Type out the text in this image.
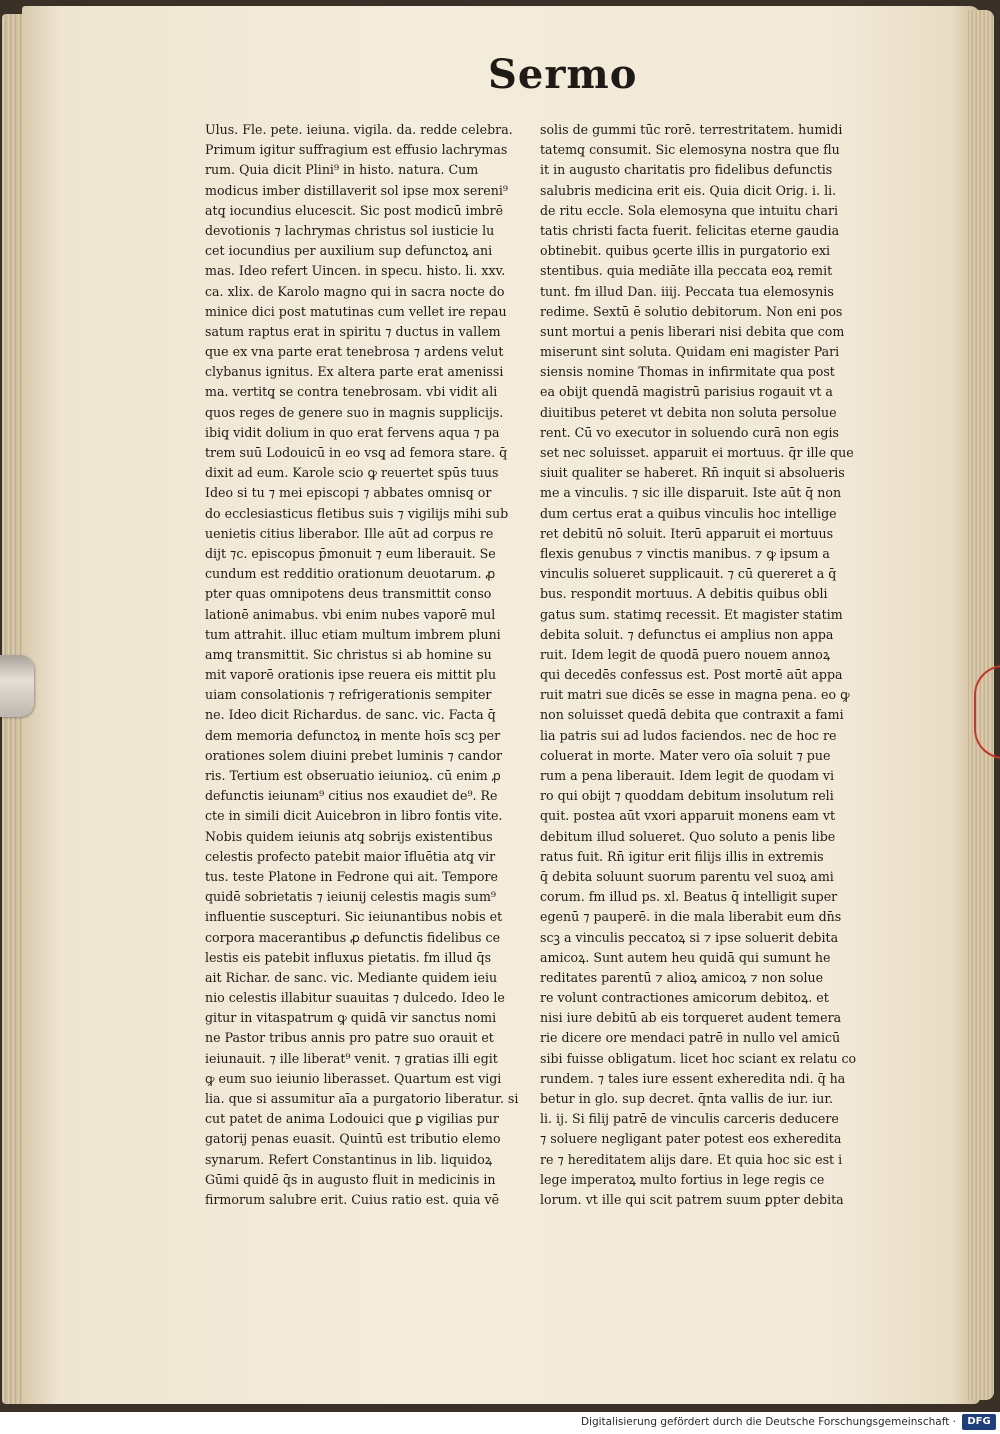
Sermo
Ulus. Fle. pete. ieiuna. vigila. da. redde celebra.
Primum igitur suffragium est effusio lachrymas
rum. Quia dicit Plini⁹ in histo. natura. Cum
modicus imber distillaverit sol ipse mox sereni⁹
atq̧ iocundius elucescit. Sic post modicū imbrē
devotionis ⁊ lachrymas christus sol iusticie lu
cet iocundius per auxilium sup defunctoꝝ ani
mas. Ideo refert Uincen. in specu. histo. li. xxv.
ca. xlix. de Karolo magno qui in sacra nocte do
minice dici post matutinas cum vellet ire repau
satum raptus erat in spiritu ⁊ ductus in vallem
que ex vna parte erat tenebrosa ⁊ ardens velut
clybanus ignitus. Ex altera parte erat amenissi
ma. vertitq̧ se contra tenebrosam. vbi vidit ali
quos reges de genere suo in magnis supplicijs.
ibiq̧ vidit dolium in quo erat fervens aqua ⁊ pa
trem suū Lodouicū in eo vsq̧ ad femora stare. q̄
dixit ad eum. Karole scio ꝙ reuertet spūs tuus
Ideo si tu ⁊ mei episcopi ⁊ abbates omnisq̧ or
do ecclesiasticus fletibus suis ⁊ vigilijs mihi sub
uenietis citius liberabor. Ille aūt ad corpus re
dijt ⁊c. episcopus p̄monuit ⁊ eum liberauit. Se
cundum est redditio orationum deuotarum. ꝓ
pter quas omnipotens deus transmittit conso
lationē animabus. vbi enim nubes vaporē mul
tum attrahit. illuc etiam multum imbrem pluni
amq̧ transmittit. Sic christus si ab homine su
mit vaporē orationis ipse reuera eis mittit plu
uiam consolationis ⁊ refrigerationis sempiter
ne. Ideo dicit Richardus. de sanc. vic. Facta q̄
dem memoria defunctoꝝ in mente hoīs scꝫ per
orationes solem diuini prebet luminis ⁊ candor
ris. Tertium est obseruatio ieiunioꝝ. cū enim ꝓ
defunctis ieiunam⁹ citius nos exaudiet de⁹. Re
cte in simili dicit Auicebron in libro fontis vite.
Nobis quidem ieiunis atq̧ sobrijs existentibus
celestis profecto patebit maior īfluētia atq̧ vir
tus. teste Platone in Fedrone qui ait. Tempore
quidē sobrietatis ⁊ ieiunij celestis magis sum⁹
influentie suscepturi. Sic ieiunantibus nobis et
corpora macerantibus ꝓ defunctis fidelibus ce
lestis eis patebit influxus pietatis. fm illud q̄s
ait Richar. de sanc. vic. Mediante quidem ieiu
nio celestis illabitur suauitas ⁊ dulcedo. Ideo le
gitur in vitaspatrum ꝙ quidā vir sanctus nomi
ne Pastor tribus annis pro patre suo orauit et
ieiunauit. ⁊ ille liberat⁹ venit. ⁊ gratias illi egit
ꝙ eum suo ieiunio liberasset. Quartum est vigi
lia. que si assumitur aīa a purgatorio liberatur. si
cut patet de anima Lodouici que ꝑ vigilias pur
gatorij penas euasit. Quintū est tributio elemo
synarum. Refert Constantinus in lib. liquidoꝝ
Gūmi quidē q̄s in augusto fluit in medicinis in
firmorum salubre erit. Cuius ratio est. quia vē
solis de gummi tūc rorē. terrestritatem. humidi
tatemq̧ consumit. Sic elemosyna nostra que flu
it in augusto charitatis pro fidelibus defunctis
salubris medicina erit eis. Quia dicit Orig. i. li.
de ritu eccle. Sola elemosyna que intuitu chari
tatis christi facta fuerit. felicitas eterne gaudia
obtinebit. quibus ꝯcerte illis in purgatorio exi
stentibus. quia mediāte illa peccata eoꝝ remit
tunt. fm illud Dan. iiij. Peccata tua elemosynis
redime. Sextū ē solutio debitorum. Non eni pos
sunt mortui a penis liberari nisi debita que com
miserunt sint soluta. Quidam eni magister Pari
siensis nomine Thomas in infirmitate qua post
ea obijt quendā magistrū parisius rogauit vt a
diuitibus peteret vt debita non soluta persolue
rent. Cū vo executor in soluendo curā non egis
set nec soluisset. apparuit ei mortuus. q̄r ille que
siuit qualiter se haberet. Rn̄ inquit si absolueris
me a vinculis. ⁊ sic ille disparuit. Iste aūt q̄ non
dum certus erat a quibus vinculis hoc intellige
ret debitū nō soluit. Iterū apparuit ei mortuus
flexis genubus ⁊ vinctis manibus. ⁊ ꝙ ipsum a
vinculis solueret supplicauit. ⁊ cū quereret a q̄
bus. respondit mortuus. A debitis quibus obli
gatus sum. statimq̧ recessit. Et magister statim
debita soluit. ⁊ defunctus ei amplius non appa
ruit. Idem legit de quodā puero nouem annoꝝ
qui decedēs confessus est. Post mortē aūt appa
ruit matri sue dicēs se esse in magna pena. eo ꝙ
non soluisset quedā debita que contraxit a fami
lia patris sui ad ludos faciendos. nec de hoc re
coluerat in morte. Mater vero oīa soluit ⁊ pue
rum a pena liberauit. Idem legit de quodam vi
ro qui obijt ⁊ quoddam debitum insolutum reli
quit. postea aūt vxori apparuit monens eam vt
debitum illud solueret. Quo soluto a penis libe
ratus fuit. Rn̄ igitur erit filijs illis in extremis
q̄ debita soluunt suorum parentu vel suoꝝ ami
corum. fm illud ps. xl. Beatus q̄ intelligit super
egenū ⁊ pauperē. in die mala liberabit eum dn̄s
scꝫ a vinculis peccatoꝝ si ⁊ ipse soluerit debita
amicoꝝ. Sunt autem heu quidā qui sumunt he
reditates parentū ⁊ alioꝝ amicoꝝ ⁊ non solue
re volunt contractiones amicorum debitoꝝ. et
nisi iure debitū ab eis torqueret audent temera
rie dicere ore mendaci patrē in nullo vel amicū
sibi fuisse obligatum. licet hoc sciant ex relatu co
rundem. ⁊ tales iure essent exheredita ndi. q̄ ha
betur in glo. sup decret. q̄nta vallis de iur. iur.
li. ij. Si filij patrē de vinculis carceris deducere
⁊ soluere negligant pater potest eos exheredita
re ⁊ hereditatem alijs dare. Et quia hoc sic est i
lege imperatoꝝ multo fortius in lege regis ce
lorum. vt ille qui scit patrem suum ꝑpter debita
Digitalisierung gefördert durch die Deutsche Forschungsgemeinschaft ·	DFG
